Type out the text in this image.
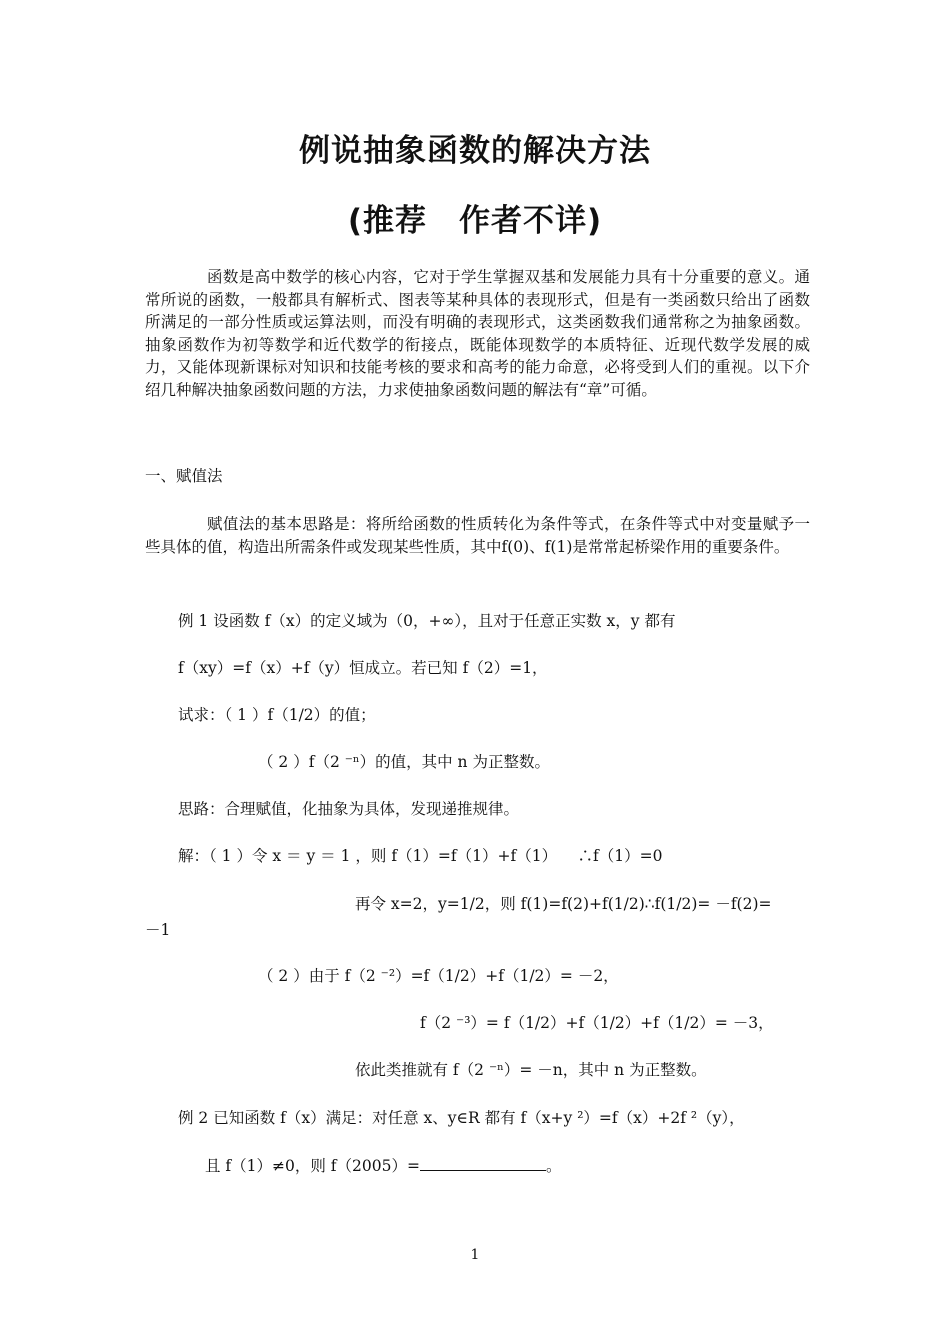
例说抽象函数的解决方法
(推荐　作者不详)
函数是高中数学的核心内容，它对于学生掌握双基和发展能力具有十分重要的意义。通常所说的函数，一般都具有解析式、图表等某种具体的表现形式，但是有一类函数只给出了函数所满足的一部分性质或运算法则，而没有明确的表现形式，这类函数我们通常称之为抽象函数。抽象函数作为初等数学和近代数学的衔接点，既能体现数学的本质特征、近现代数学发展的威力，又能体现新课标对知识和技能考核的要求和高考的能力命意，必将受到人们的重视。以下介绍几种解决抽象函数问题的方法，力求使抽象函数问题的解法有“章”可循。
一、赋值法
赋值法的基本思路是：将所给函数的性质转化为条件等式，在条件等式中对变量赋予一些具体的值，构造出所需条件或发现某些性质，其中f(0)、f(1)是常常起桥梁作用的重要条件。
例 1 设函数 f（x）的定义域为（0，+∞），且对于任意正实数 x，y 都有
f（xy）=f（x）+f（y）恒成立。若已知 f（2）=1，
试求：（ 1 ）f（1/2）的值；
（ 2 ）f（2 ⁻ⁿ）的值，其中 n 为正整数。
思路：合理赋值，化抽象为具体，发现递推规律。
解：（ 1 ）令 x ＝ y ＝ 1 ，则 f（1）=f（1）+f（1）  ∴f（1）=0
再令 x=2，y=1/2，则 f(1)=f(2)+f(1/2)∴f(1/2)= －f(2)=
－1
（ 2 ）由于 f（2 ⁻²）=f（1/2）+f（1/2）= －2，
f（2 ⁻³）= f（1/2）+f（1/2）+f（1/2）= －3，
依此类推就有 f（2 ⁻ⁿ）= －n，其中 n 为正整数。
例 2 已知函数 f（x）满足：对任意 x、y∈R 都有 f（x+y ²）=f（x）+2f ²（y），
且 f（1）≠0，则 f（2005）=	。
1
